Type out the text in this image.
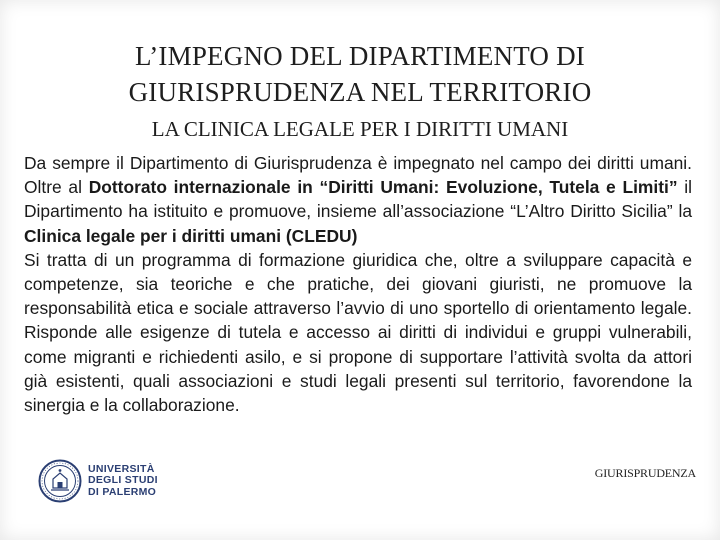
L’IMPEGNO DEL DIPARTIMENTO DI
GIURISPRUDENZA NEL TERRITORIO
LA CLINICA LEGALE PER I DIRITTI UMANI

Da sempre il Dipartimento di Giurisprudenza è impegnato nel campo dei diritti umani. Oltre al Dottorato internazionale in “Diritti Umani: Evoluzione, Tutela e Limiti” il Dipartimento ha istituito e promuove, insieme all’associazione “L’Altro Diritto Sicilia” la Clinica legale per i diritti umani (CLEDU)

Si tratta di un programma di formazione giuridica che, oltre a sviluppare capacità e competenze, sia teoriche e che pratiche, dei giovani giuristi, ne promuove la responsabilità etica e sociale attraverso l’avvio di uno sportello di orientamento legale. Risponde alle esigenze di tutela e accesso ai diritti di individui e gruppi vulnerabili, come migranti e richiedenti asilo, e si propone di supportare l’attività svolta da attori già esistenti, quali associazioni e studi legali presenti sul territorio, favorendone la sinergia e la collaborazione.

UNIVERSITÀ
DEGLI STUDI
DI PALERMO
GIURISPRUDENZA
